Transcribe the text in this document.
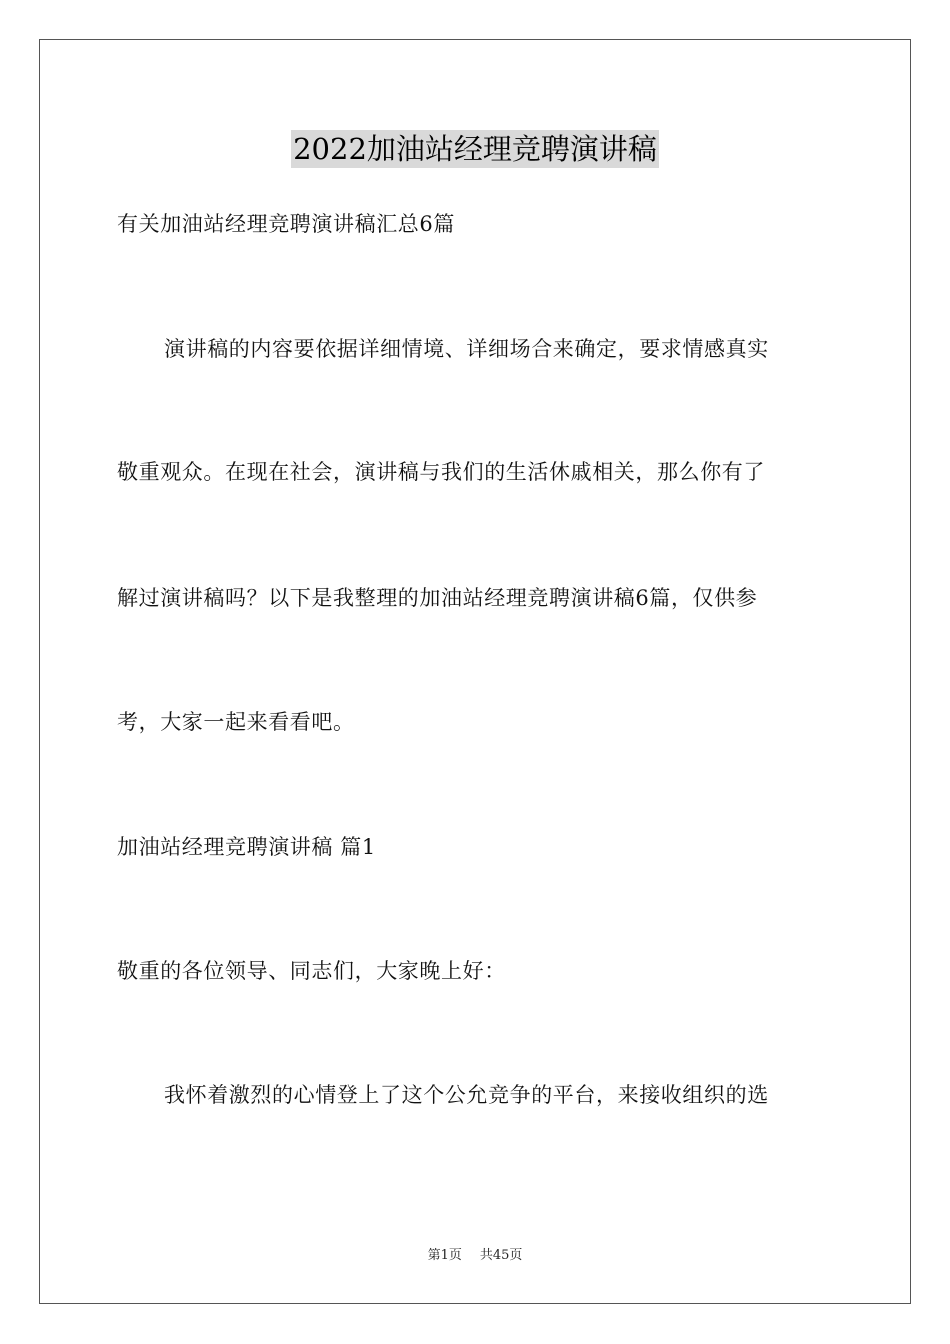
2022加油站经理竞聘演讲稿
有关加油站经理竞聘演讲稿汇总6篇
演讲稿的内容要依据详细情境、详细场合来确定，要求情感真实
敬重观众。在现在社会，演讲稿与我们的生活休戚相关，那么你有了
解过演讲稿吗？以下是我整理的加油站经理竞聘演讲稿6篇，仅供参
考，大家一起来看看吧。
加油站经理竞聘演讲稿 篇1
敬重的各位领导、同志们，大家晚上好：
我怀着激烈的心情登上了这个公允竞争的平台，来接收组织的选
第1页 共45页
